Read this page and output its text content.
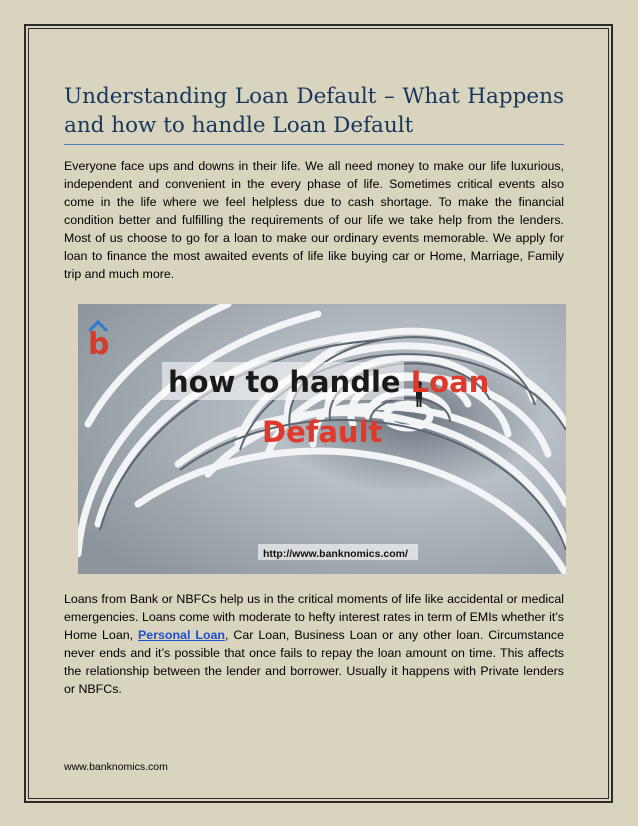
Understanding Loan Default – What Happens and how to handle Loan Default

Everyone face ups and downs in their life. We all need money to make our life luxurious, independent and convenient in the every phase of life. Sometimes critical events also come in the life where we feel helpless due to cash shortage. To make the financial condition better and fulfilling the requirements of our life we take help from the lenders. Most of us choose to go for a loan to make our ordinary events memorable. We apply for loan to finance the most awaited events of life like buying car or Home, Marriage, Family trip and much more.

b
how to handle Loan
Default
http://www.banknomics.com/

Loans from Bank or NBFCs help us in the critical moments of life like accidental or medical emergencies. Loans come with moderate to hefty interest rates in term of EMIs whether it’s Home Loan, Personal Loan, Car Loan, Business Loan or any other loan. Circumstance never ends and it’s possible that once fails to repay the loan amount on time. This affects the relationship between the lender and borrower. Usually it happens with Private lenders or NBFCs.

www.banknomics.com
